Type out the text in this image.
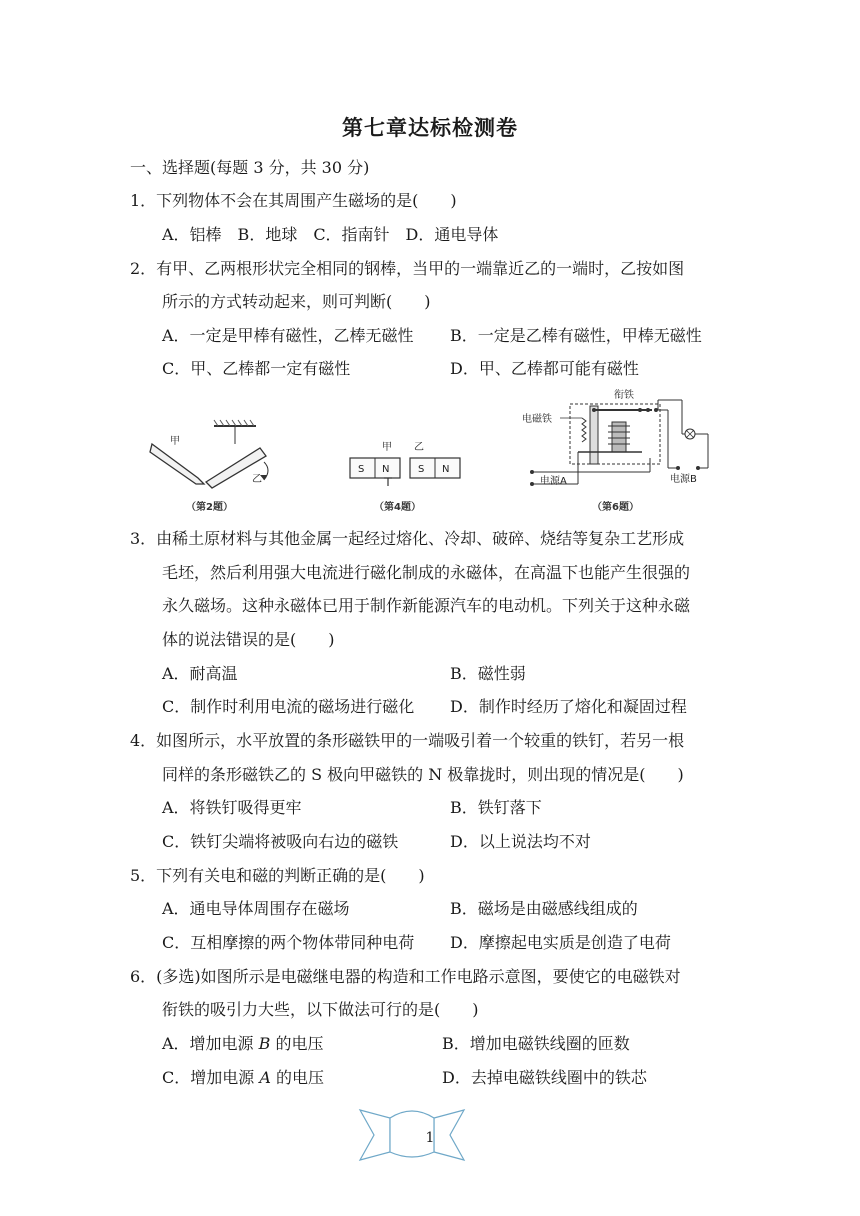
第七章达标检测卷
一、选择题(每题 3 分，共 30 分)
1．下列物体不会在其周围产生磁场的是(　　)
A．铝棒　B．地球　C．指南针　D．通电导体
2．有甲、乙两根形状完全相同的钢棒，当甲的一端靠近乙的一端时，乙按如图
所示的方式转动起来，则可判断(　　)
A．一定是甲棒有磁性，乙棒无磁性 B．一定是乙棒有磁性，甲棒无磁性
C．甲、乙棒都一定有磁性	D．甲、乙棒都可能有磁性
甲
乙
（第2题）
甲 乙
S N	S N
（第4题）
衔铁
电磁铁
电源B
电源A
（第6题）
3．由稀土原材料与其他金属一起经过熔化、冷却、破碎、烧结等复杂工艺形成
毛坯，然后利用强大电流进行磁化制成的永磁体，在高温下也能产生很强的
永久磁场。这种永磁体已用于制作新能源汽车的电动机。下列关于这种永磁
体的说法错误的是(　　)
A．耐高温	B．磁性弱
C．制作时利用电流的磁场进行磁化 D．制作时经历了熔化和凝固过程
4．如图所示，水平放置的条形磁铁甲的一端吸引着一个较重的铁钉，若另一根
同样的条形磁铁乙的 S 极向甲磁铁的 N 极靠拢时，则出现的情况是(　　)
A．将铁钉吸得更牢	B．铁钉落下
C．铁钉尖端将被吸向右边的磁铁	D．以上说法均不对
5．下列有关电和磁的判断正确的是(　　)
A．通电导体周围存在磁场	B．磁场是由磁感线组成的
C．互相摩擦的两个物体带同种电荷 D．摩擦起电实质是创造了电荷
6．(多选)如图所示是电磁继电器的构造和工作电路示意图，要使它的电磁铁对
衔铁的吸引力大些，以下做法可行的是(　　)
A．增加电源 B 的电压	B．增加电磁铁线圈的匝数
C．增加电源 A 的电压	D．去掉电磁铁线圈中的铁芯
1
